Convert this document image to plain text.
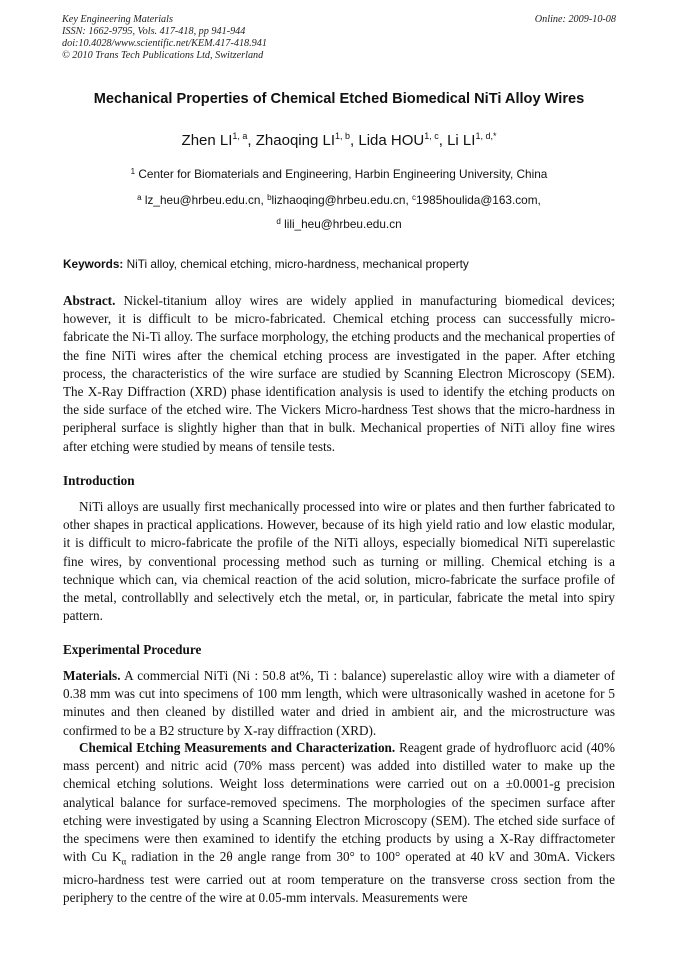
Key Engineering Materials
ISSN: 1662-9795, Vols. 417-418, pp 941-944
doi:10.4028/www.scientific.net/KEM.417-418.941
© 2010 Trans Tech Publications Ltd, Switzerland
Online: 2009-10-08
Mechanical Properties of Chemical Etched Biomedical NiTi Alloy Wires
Zhen LI$^{1, a}$, Zhaoqing LI$^{1, b}$, Lida HOU$^{1, c}$, Li $LI^{1, d,*}$
$^1$ Center for Biomaterials and Engineering, Harbin Engineering University, China
$^a$ lz_heu@hrbeu.edu.cn, $^b$lizhaoqing@hrbeu.edu.cn, $^c$1985houlida@163.com,
$^d$ lili_heu@hrbeu.edu.cn
Keywords: NiTi alloy, chemical etching, micro-hardness, mechanical property
Abstract. Nickel-titanium alloy wires are widely applied in manufacturing biomedical devices; however, it is difficult to be micro-fabricated. Chemical etching process can successfully micro-fabricate the Ni-Ti alloy. The surface morphology, the etching products and the mechanical properties of the fine NiTi wires after the chemical etching process are investigated in the paper. After etching process, the characteristics of the wire surface are studied by Scanning Electron Microscopy (SEM). The X-Ray Diffraction (XRD) phase identification analysis is used to identify the etching products on the side surface of the etched wire. The Vickers Micro-hardness Test shows that the micro-hardness in peripheral surface is slightly higher than that in bulk. Mechanical properties of NiTi alloy fine wires after etching were studied by means of tensile tests.
Introduction
NiTi alloys are usually first mechanically processed into wire or plates and then further fabricated to other shapes in practical applications. However, because of its high yield ratio and low elastic modular, it is difficult to micro-fabricate the profile of the NiTi alloys, especially biomedical NiTi superelastic fine wires, by conventional processing method such as turning or milling. Chemical etching is a technique which can, via chemical reaction of the acid solution, micro-fabricate the surface profile of the metal, controllablly and selectively etch the metal, or, in particular, fabricate the metal into spiry pattern.
Experimental Procedure
Materials. A commercial NiTi (Ni : 50.8 at%, Ti : balance) superelastic alloy wire with a diameter of 0.38 mm was cut into specimens of 100 mm length, which were ultrasonically washed in acetone for 5 minutes and then cleaned by distilled water and dried in ambient air, and the microstructure was confirmed to be a B2 structure by X-ray diffraction (XRD).
Chemical Etching Measurements and Characterization. Reagent grade of hydrofluorc acid (40% mass percent) and nitric acid (70% mass percent) was added into distilled water to make up the chemical etching solutions. Weight loss determinations were carried out on a ±0.0001-g precision analytical balance for surface-removed specimens. The morphologies of the specimen surface after etching were investigated by using a Scanning Electron Microscopy (SEM). The etched side surface of the specimens were then examined to identify the etching products by using a X-Ray diffractometer with Cu $K_\alpha$ radiation in the 2θ angle range from 30° to 100° operated at 40 kV and 30mA. Vickers micro-hardness test were carried out at room temperature on the transverse cross section from the periphery to the centre of the wire at 0.05-mm intervals. Measurements were
